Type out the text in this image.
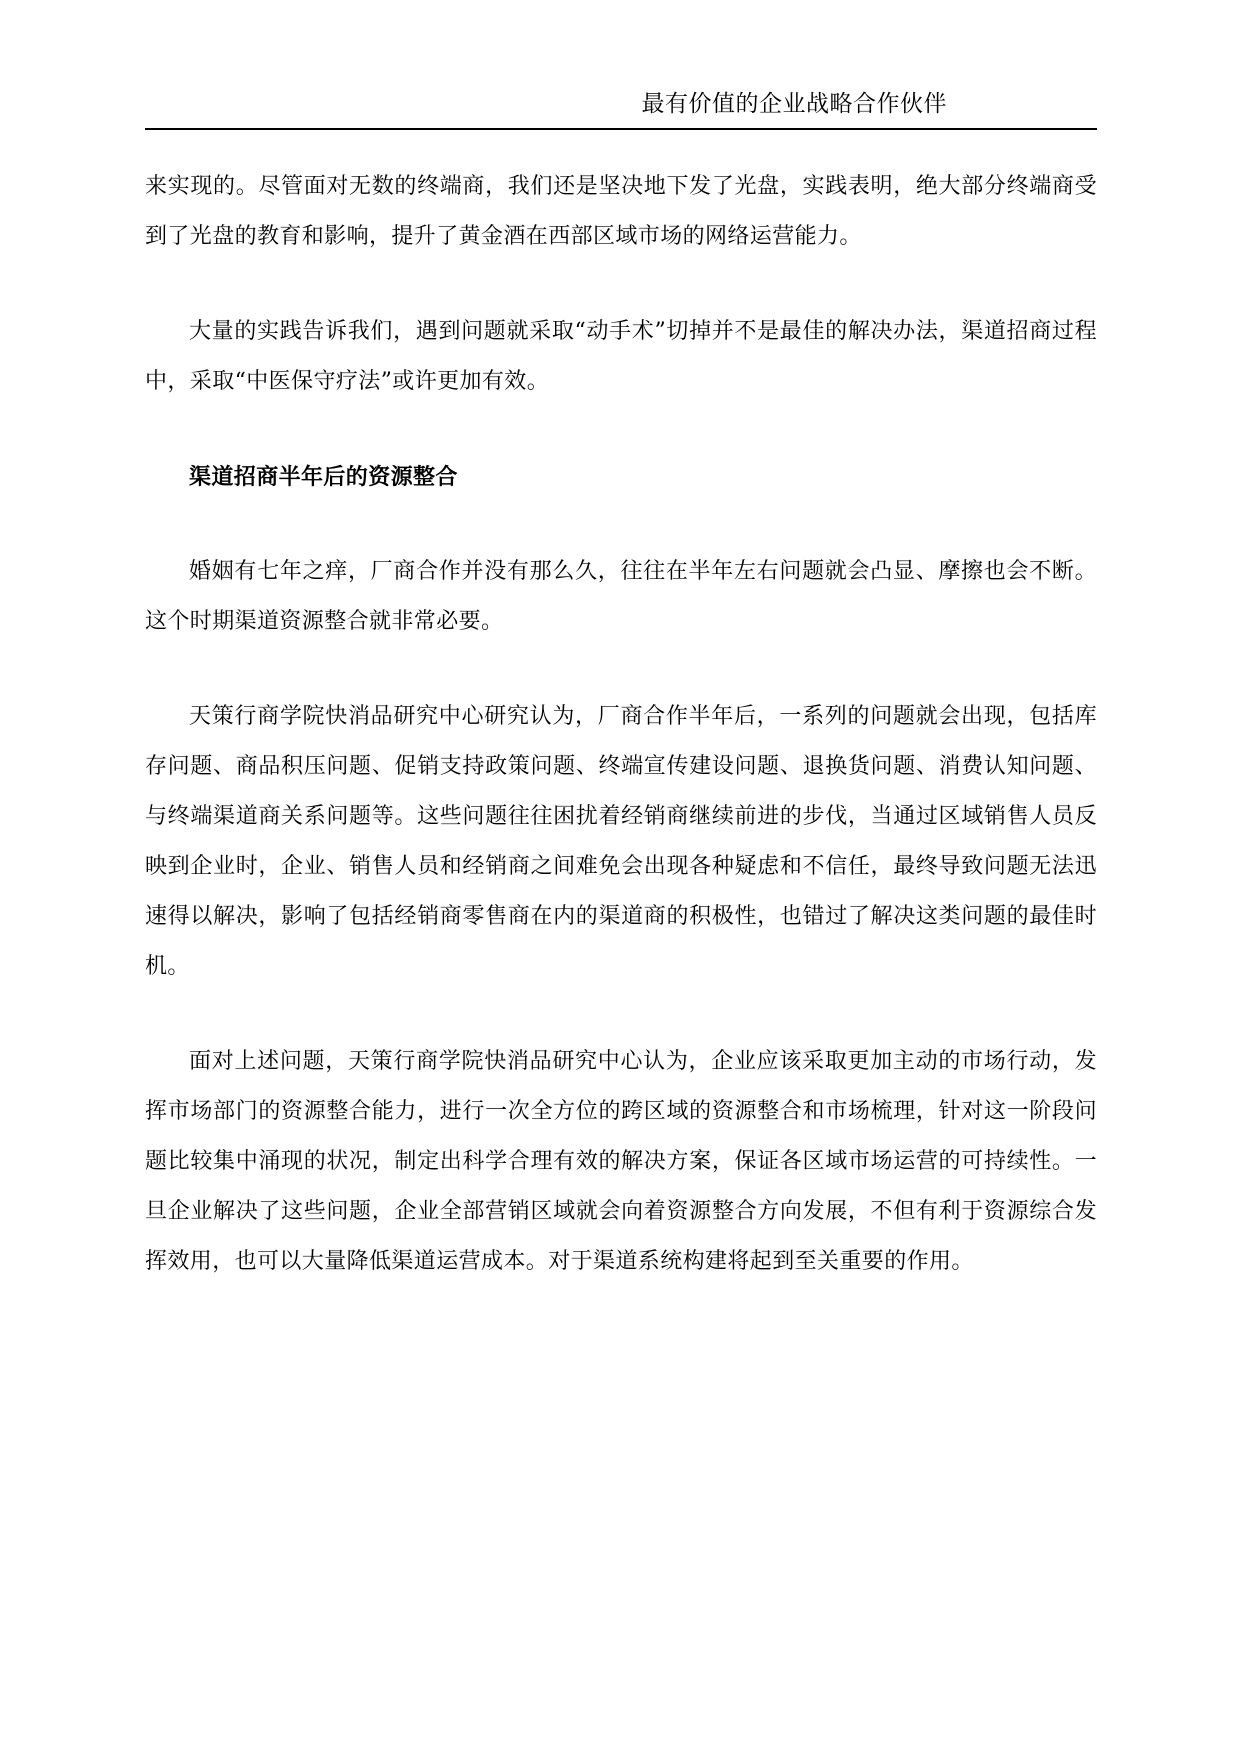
最有价值的企业战略合作伙伴

来实现的。尽管面对无数的终端商，我们还是坚决地下发了光盘，实践表明，绝大部分终端商受到了光盘的教育和影响，提升了黄金酒在西部区域市场的网络运营能力。

大量的实践告诉我们，遇到问题就采取“动手术”切掉并不是最佳的解决办法，渠道招商过程中，采取“中医保守疗法”或许更加有效。

渠道招商半年后的资源整合

婚姻有七年之痒，厂商合作并没有那么久，往往在半年左右问题就会凸显、摩擦也会不断。这个时期渠道资源整合就非常必要。

天策行商学院快消品研究中心研究认为，厂商合作半年后，一系列的问题就会出现，包括库存问题、商品积压问题、促销支持政策问题、终端宣传建设问题、退换货问题、消费认知问题、与终端渠道商关系问题等。这些问题往往困扰着经销商继续前进的步伐，当通过区域销售人员反映到企业时，企业、销售人员和经销商之间难免会出现各种疑虑和不信任，最终导致问题无法迅速得以解决，影响了包括经销商零售商在内的渠道商的积极性，也错过了解决这类问题的最佳时机。

面对上述问题，天策行商学院快消品研究中心认为，企业应该采取更加主动的市场行动，发挥市场部门的资源整合能力，进行一次全方位的跨区域的资源整合和市场梳理，针对这一阶段问题比较集中涌现的状况，制定出科学合理有效的解决方案，保证各区域市场运营的可持续性。一旦企业解决了这些问题，企业全部营销区域就会向着资源整合方向发展，不但有利于资源综合发挥效用，也可以大量降低渠道运营成本。对于渠道系统构建将起到至关重要的作用。
